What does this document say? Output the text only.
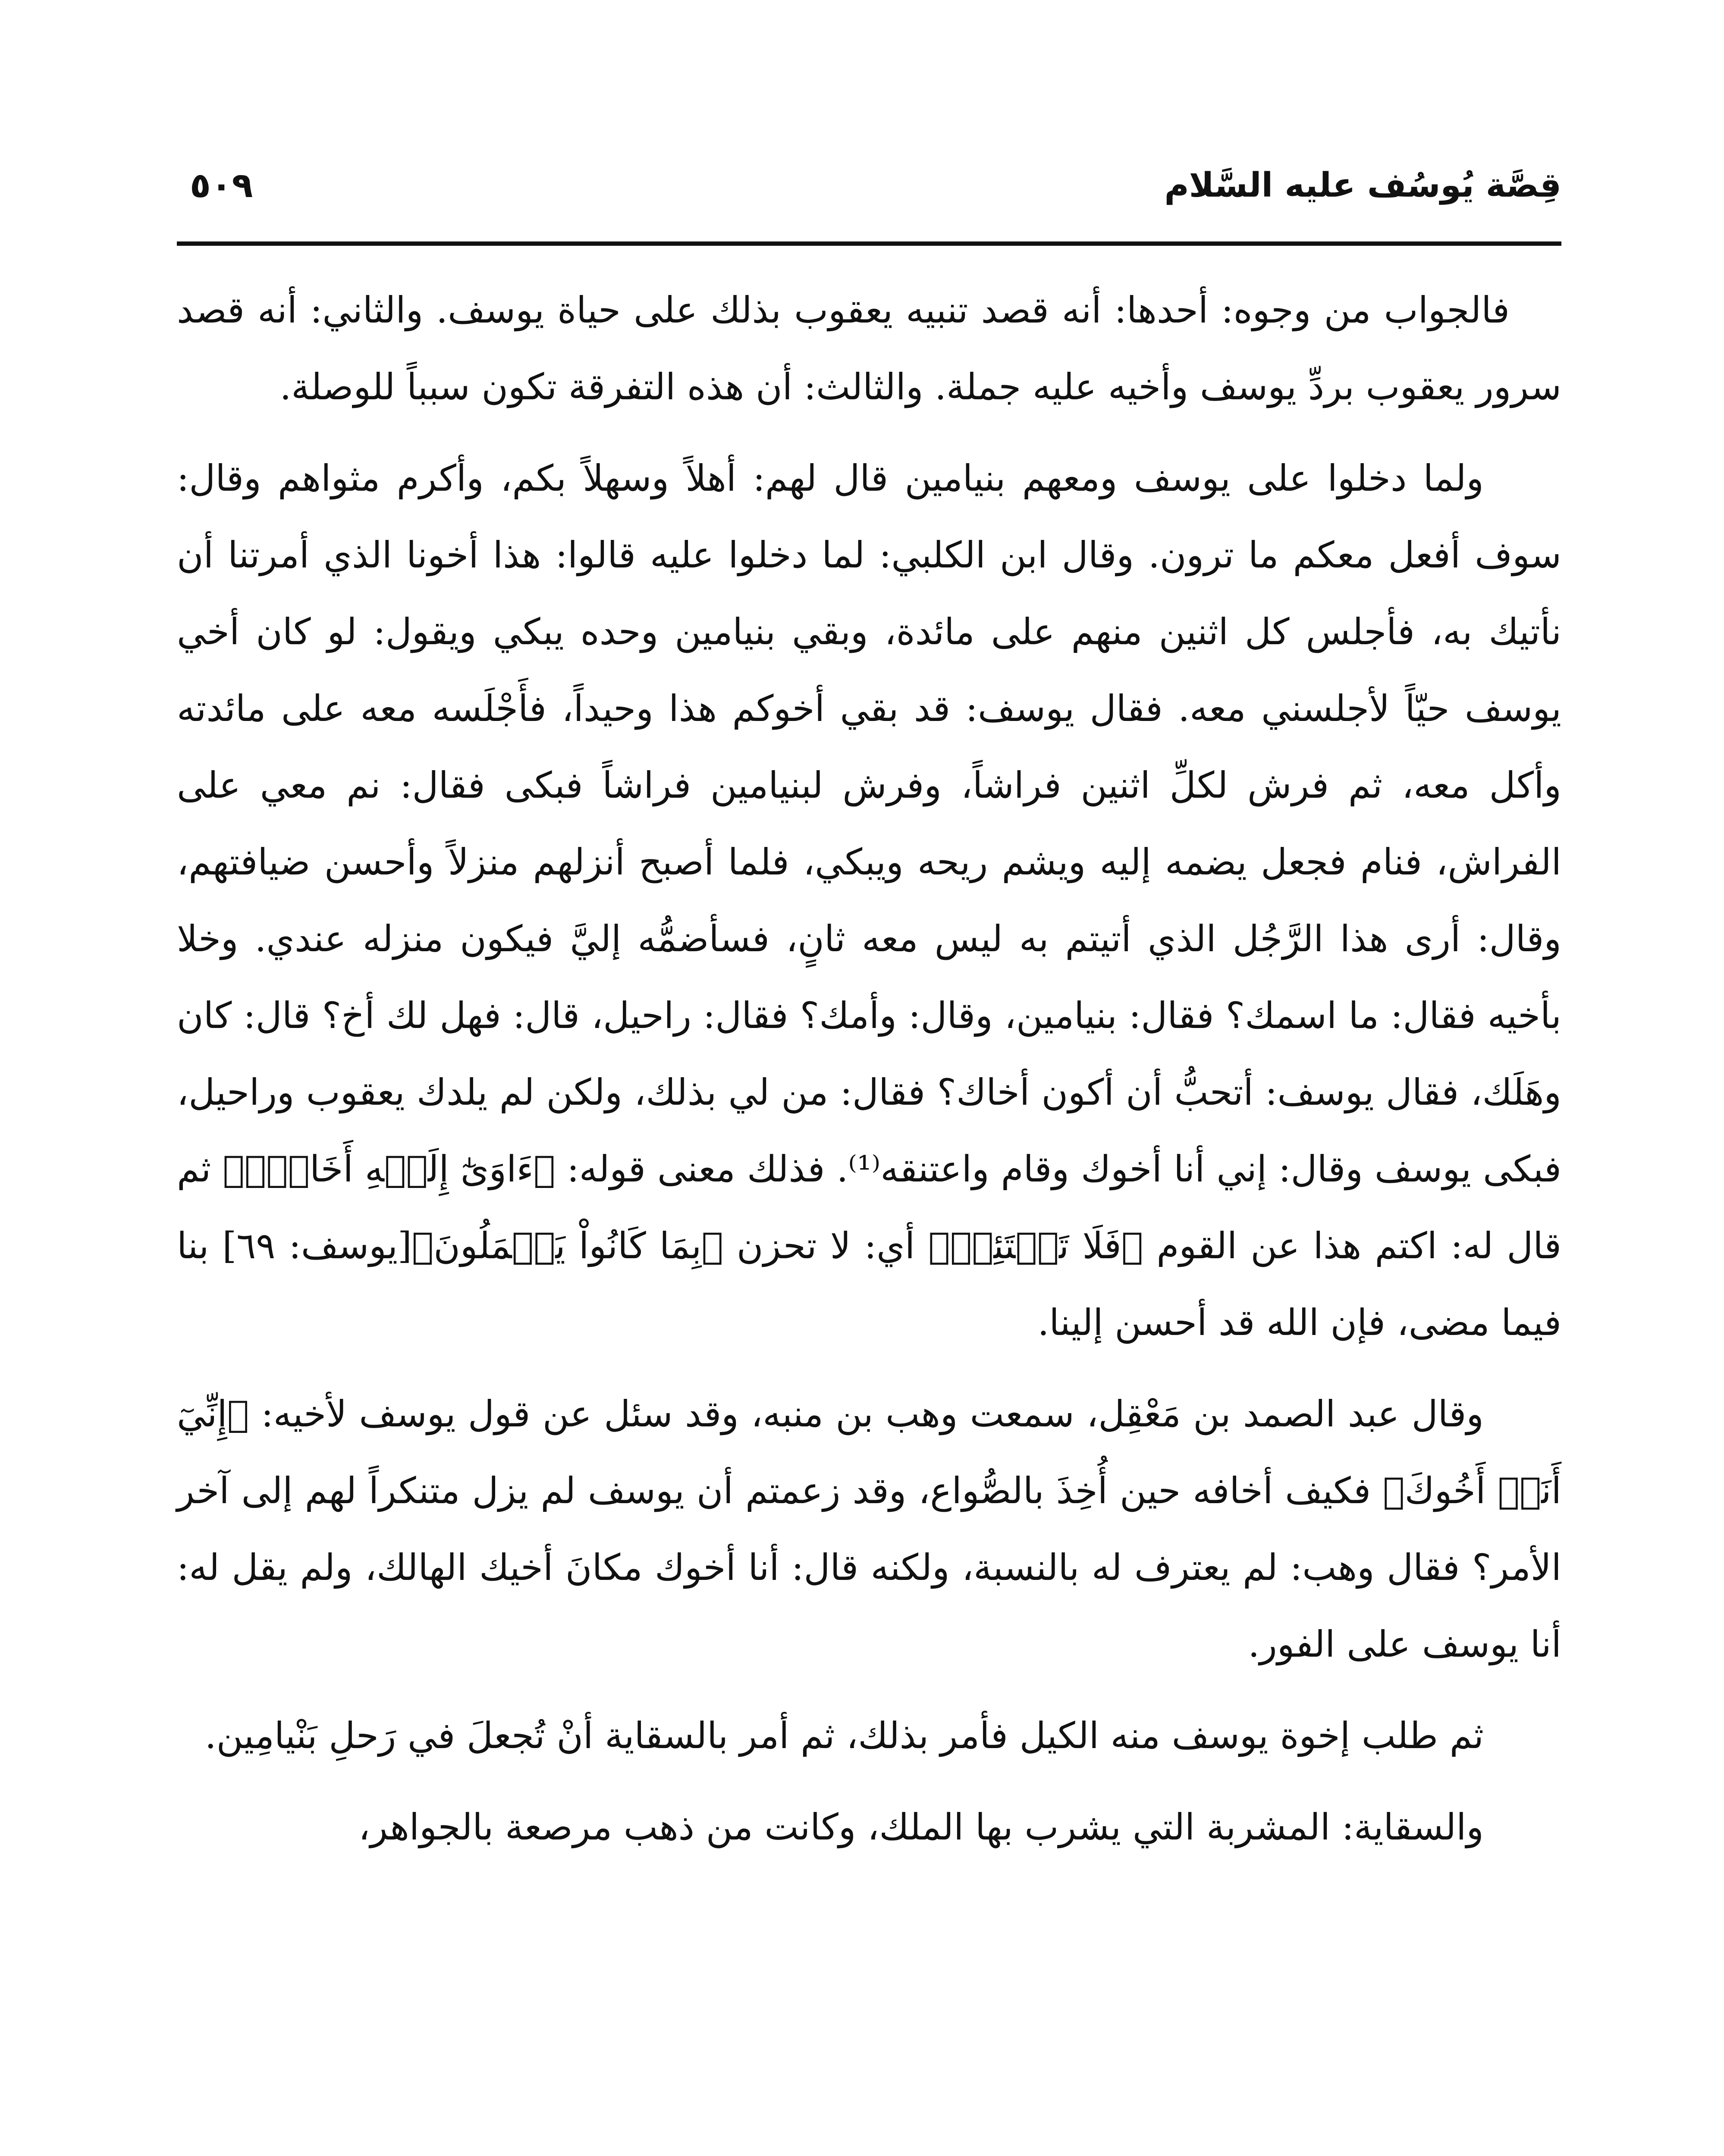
قِصَّة يُوسُف عليه السَّلام
٥٠٩

فالجواب من وجوه: أحدها: أنه قصد تنبيه يعقوب بذلك على حياة يوسف. والثاني: أنه قصد سرور يعقوب بردِّ يوسف وأخيه عليه جملة. والثالث: أن هذه التفرقة تكون سبباً للوصلة.

ولما دخلوا على يوسف ومعهم بنيامين قال لهم: أهلاً وسهلاً بكم، وأكرم مثواهم وقال: سوف أفعل معكم ما ترون. وقال ابن الكلبي: لما دخلوا عليه قالوا: هذا أخونا الذي أمرتنا أن نأتيك به، فأجلس كل اثنين منهم على مائدة، وبقي بنيامين وحده يبكي ويقول: لو كان أخي يوسف حيّاً لأجلسني معه. فقال يوسف: قد بقي أخوكم هذا وحيداً، فأَجْلَسه معه على مائدته وأكل معه، ثم فرش لكلِّ اثنين فراشاً، وفرش لبنيامين فراشاً فبكى فقال: نم معي على الفراش، فنام فجعل يضمه إليه ويشم ريحه ويبكي، فلما أصبح أنزلهم منزلاً وأحسن ضيافتهم، وقال: أرى هذا الرَّجُل الذي أتيتم به ليس معه ثانٍ، فسأضمُّه إليَّ فيكون منزله عندي. وخلا بأخيه فقال: ما اسمك؟ فقال: بنيامين، وقال: وأمك؟ فقال: راحيل، قال: فهل لك أخ؟ قال: كان وهَلَك، فقال يوسف: أتحبُّ أن أكون أخاك؟ فقال: من لي بذلك، ولكن لم يلدك يعقوب وراحيل، فبكى يوسف وقال: إني أنا أخوك وقام واعتنقه⁽¹⁾. فذلك معنى قوله: ﴿ءَاوَىٰٓ إِلَيۡهِ أَخَاهُۖ﴾ ثم قال له: اكتم هذا عن القوم ﴿فَلَا تَبۡتَئِسۡ﴾ أي: لا تحزن ﴿بِمَا كَانُواْ يَعۡمَلُونَ﴾[يوسف: ٦٩] بنا فيما مضى، فإن الله قد أحسن إلينا.

وقال عبد الصمد بن مَعْقِل، سمعت وهب بن منبه، وقد سئل عن قول يوسف لأخيه: ﴿إِنِّيٓ أَنَا۠ أَخُوكَ﴾ فكيف أخافه حين أُخِذَ بالصُّواع، وقد زعمتم أن يوسف لم يزل متنكراً لهم إلى آخر الأمر؟ فقال وهب: لم يعترف له بالنسبة، ولكنه قال: أنا أخوك مكانَ أخيك الهالك، ولم يقل له: أنا يوسف على الفور.

ثم طلب إخوة يوسف منه الكيل فأمر بذلك، ثم أمر بالسقاية أنْ تُجعلَ في رَحلِ بَنْيامِين.

والسقاية: المشربة التي يشرب بها الملك، وكانت من ذهب مرصعة بالجواهر،
